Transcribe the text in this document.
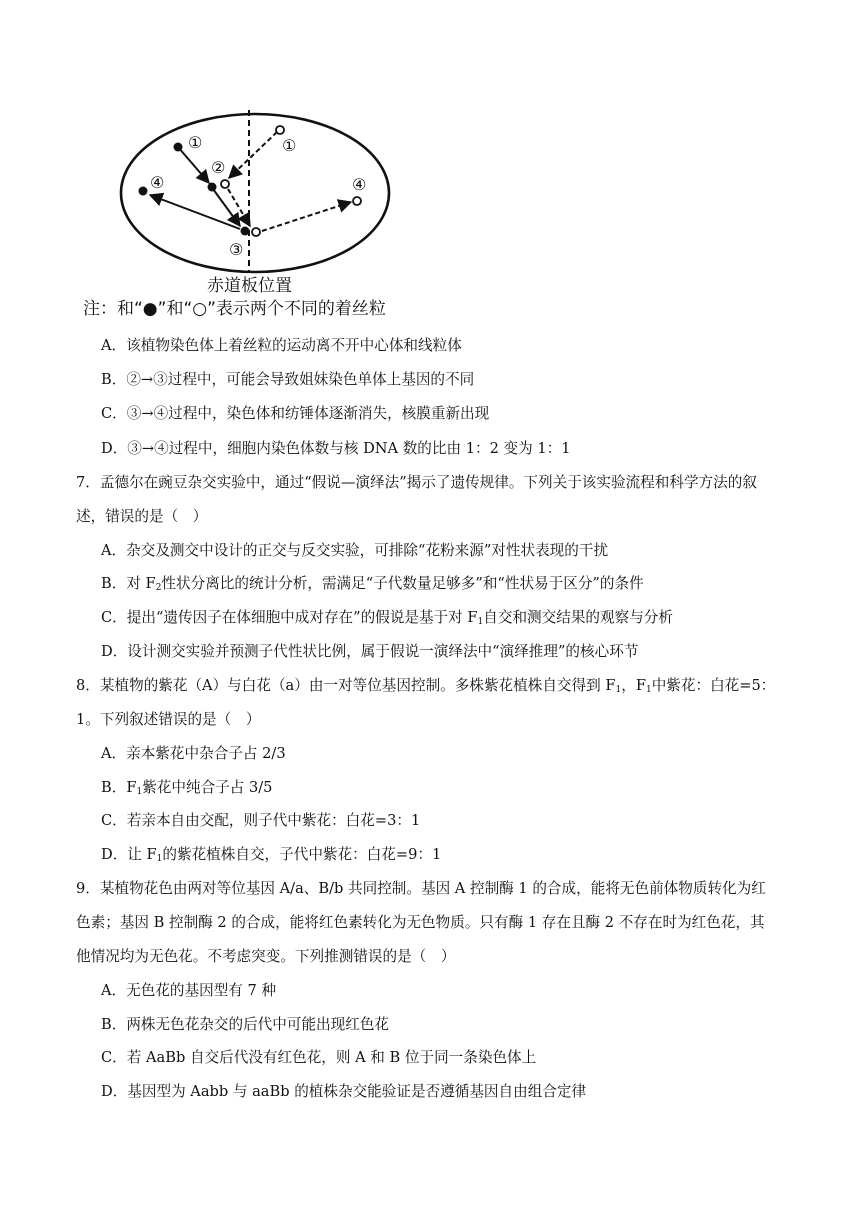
①
②
③
④
①
④
赤道板位置
注：和“●”和“○”表示两个不同的着丝粒
A．该植物染色体上着丝粒的运动离不开中心体和线粒体
B．②→③过程中，可能会导致姐妹染色单体上基因的不同
C．③→④过程中，染色体和纺锤体逐渐消失，核膜重新出现
D．③→④过程中，细胞内染色体数与核 DNA 数的比由 1：2 变为 1：1
7．孟德尔在豌豆杂交实验中，通过“假说—演绎法”揭示了遗传规律。下列关于该实验流程和科学方法的叙
述，错误的是（　）
A．杂交及测交中设计的正交与反交实验，可排除“花粉来源”对性状表现的干扰
B．对 $F_2$性状分离比的统计分析，需满足“子代数量足够多”和“性状易于区分”的条件
C．提出“遗传因子在体细胞中成对存在”的假说是基于对 $F_1$自交和测交结果的观察与分析
D．设计测交实验并预测子代性状比例，属于假说一演绎法中“演绎推理”的核心环节
8．某植物的紫花（A）与白花（a）由一对等位基因控制。多株紫花植株自交得到 $F_1$，$F_1$中紫花：白花=5：
1。下列叙述错误的是（　）
A．亲本紫花中杂合子占 2/3
B．$F_1$紫花中纯合子占 3/5
C．若亲本自由交配，则子代中紫花：白花=3：1
D．让 $F_1$的紫花植株自交，子代中紫花：白花=9：1
9．某植物花色由两对等位基因 A/a、B/b 共同控制。基因 A 控制酶 1 的合成，能将无色前体物质转化为红
色素；基因 B 控制酶 2 的合成，能将红色素转化为无色物质。只有酶 1 存在且酶 2 不存在时为红色花，其
他情况均为无色花。不考虑突变。下列推测错误的是（　）
A．无色花的基因型有 7 种
B．两株无色花杂交的后代中可能出现红色花
C．若 AaBb 自交后代没有红色花，则 A 和 B 位于同一条染色体上
D．基因型为 Aabb 与 aaBb 的植株杂交能验证是否遵循基因自由组合定律
